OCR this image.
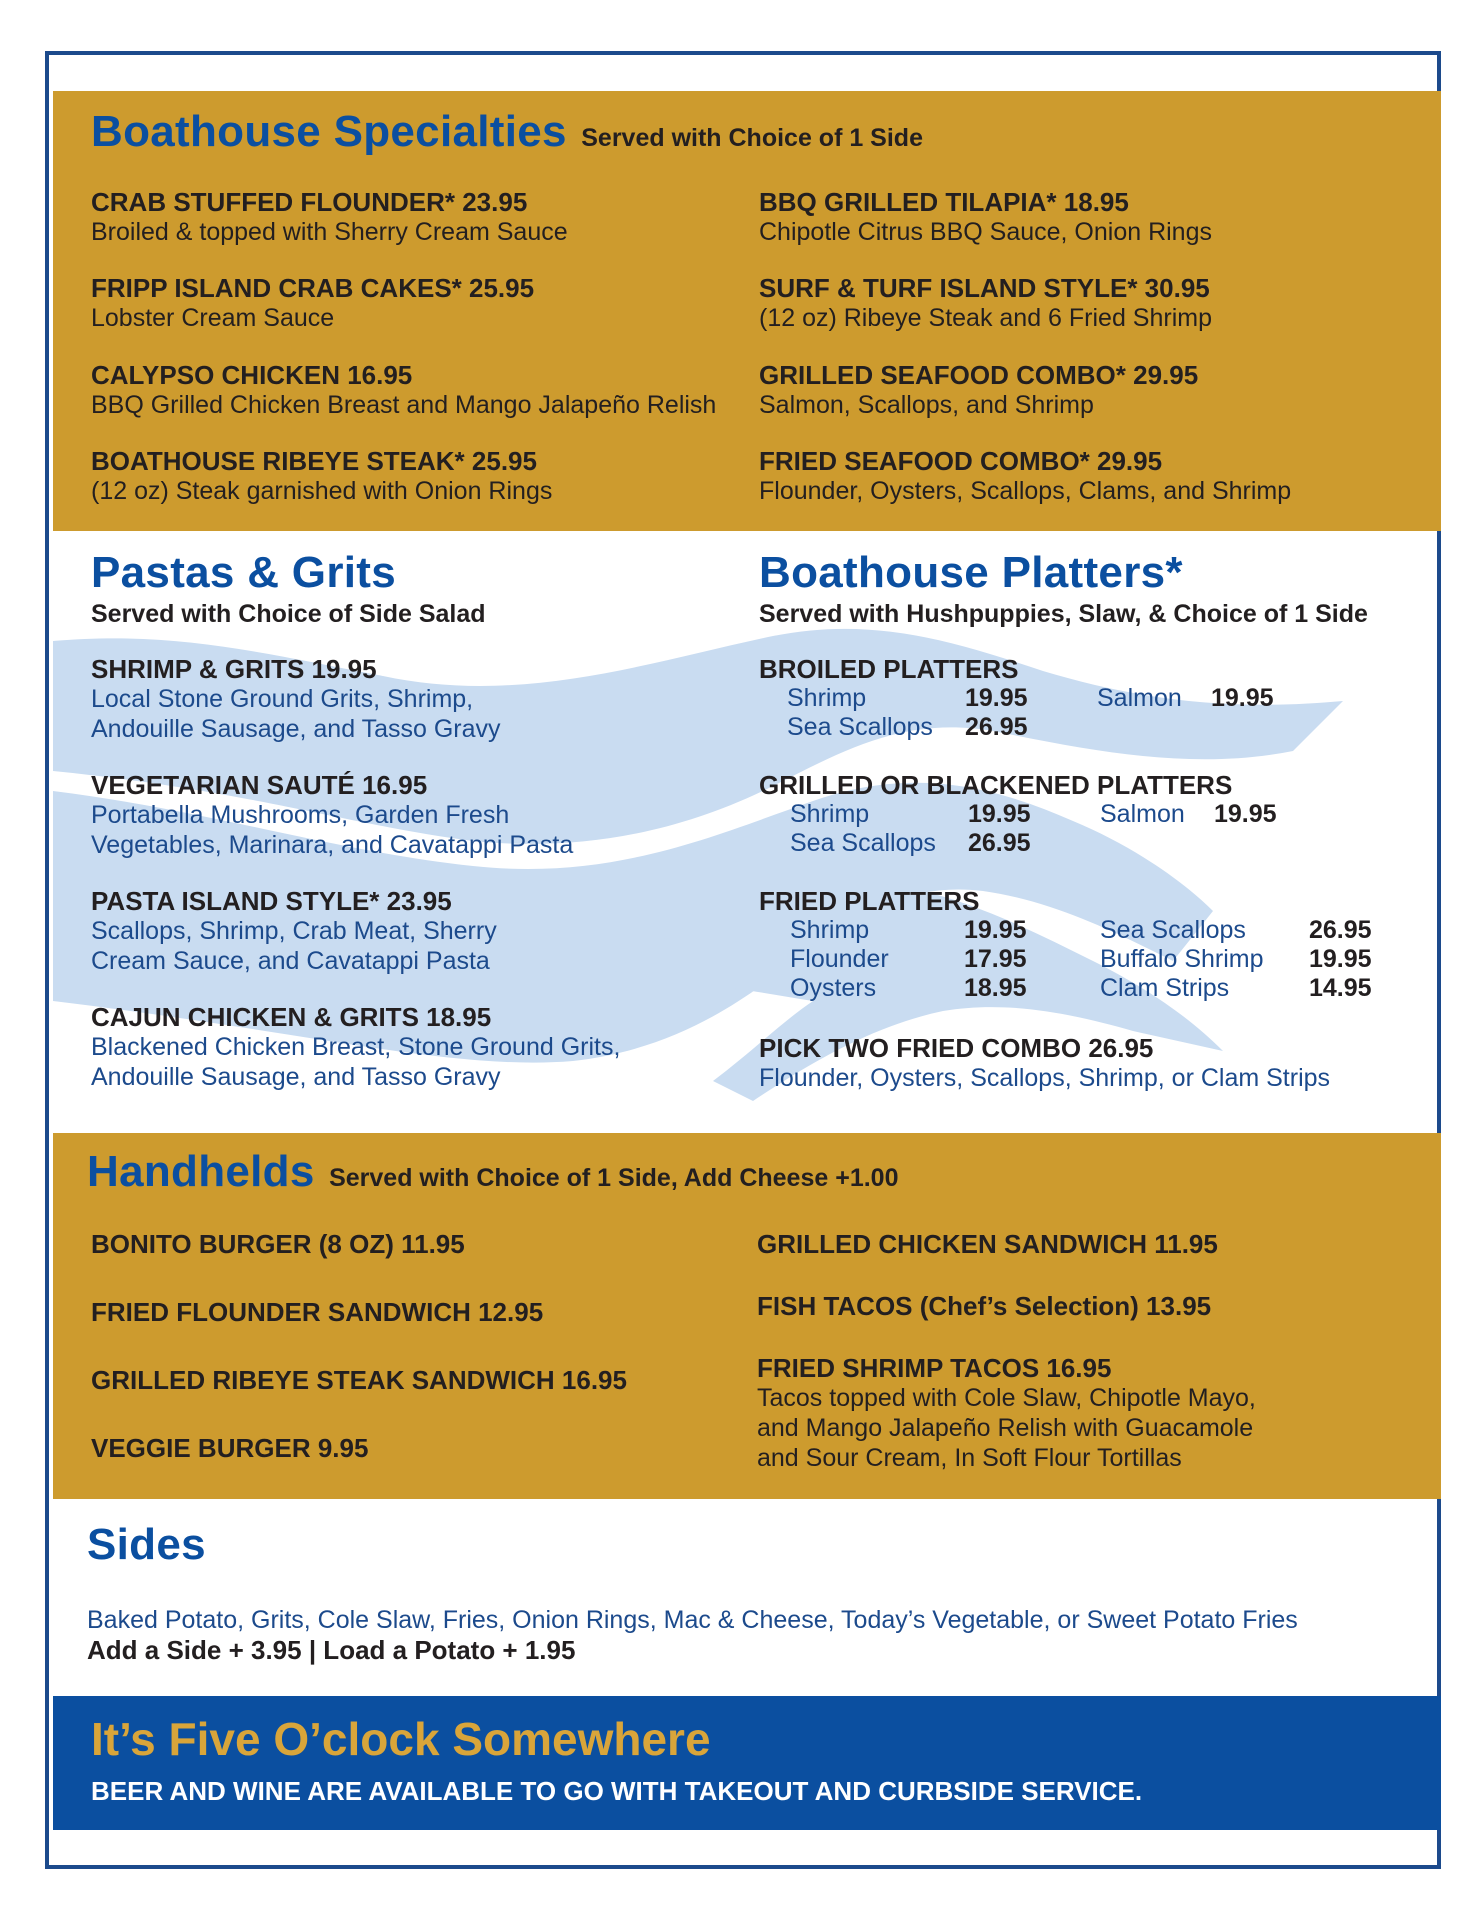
Boathouse Specialties Served with Choice of 1 Side
CRAB STUFFED FLOUNDER* 23.95
Broiled & topped with Sherry Cream Sauce
FRIPP ISLAND CRAB CAKES* 25.95
Lobster Cream Sauce
CALYPSO CHICKEN 16.95
BBQ Grilled Chicken Breast and Mango Jalapeño Relish
BOATHOUSE RIBEYE STEAK* 25.95
(12 oz) Steak garnished with Onion Rings
BBQ GRILLED TILAPIA* 18.95
Chipotle Citrus BBQ Sauce, Onion Rings
SURF & TURF ISLAND STYLE* 30.95
(12 oz) Ribeye Steak and 6 Fried Shrimp
GRILLED SEAFOOD COMBO* 29.95
Salmon, Scallops, and Shrimp
FRIED SEAFOOD COMBO* 29.95
Flounder, Oysters, Scallops, Clams, and Shrimp
Pastas & Grits
Served with Choice of Side Salad
SHRIMP & GRITS 19.95
Local Stone Ground Grits, Shrimp,
Andouille Sausage, and Tasso Gravy
VEGETARIAN SAUTÉ 16.95
Portabella Mushrooms, Garden Fresh
Vegetables, Marinara, and Cavatappi Pasta
PASTA ISLAND STYLE* 23.95
Scallops, Shrimp, Crab Meat, Sherry
Cream Sauce, and Cavatappi Pasta
CAJUN CHICKEN & GRITS 18.95
Blackened Chicken Breast, Stone Ground Grits,
Andouille Sausage, and Tasso Gravy
Boathouse Platters*
Served with Hushpuppies, Slaw, & Choice of 1 Side
BROILED PLATTERS
Shrimp	19.95	Salmon 19.95
Sea Scallops 26.95
GRILLED OR BLACKENED PLATTERS
Shrimp	19.95	Salmon 19.95
Sea Scallops 26.95
FRIED PLATTERS
Shrimp	19.95	Sea Scallops	26.95
Flounder	17.95	Buffalo Shrimp 19.95
Oysters	18.95	Clam Strips	14.95
PICK TWO FRIED COMBO 26.95
Flounder, Oysters, Scallops, Shrimp, or Clam Strips
Handhelds Served with Choice of 1 Side, Add Cheese +1.00
BONITO BURGER (8 OZ) 11.95
FRIED FLOUNDER SANDWICH 12.95
GRILLED RIBEYE STEAK SANDWICH 16.95
VEGGIE BURGER 9.95
GRILLED CHICKEN SANDWICH 11.95
FISH TACOS (Chef’s Selection) 13.95
FRIED SHRIMP TACOS 16.95
Tacos topped with Cole Slaw, Chipotle Mayo,
and Mango Jalapeño Relish with Guacamole
and Sour Cream, In Soft Flour Tortillas
Sides
Baked Potato, Grits, Cole Slaw, Fries, Onion Rings, Mac & Cheese, Today’s Vegetable, or Sweet Potato Fries
Add a Side + 3.95 | Load a Potato + 1.95
It’s Five O’clock Somewhere
BEER AND WINE ARE AVAILABLE TO GO WITH TAKEOUT AND CURBSIDE SERVICE.
